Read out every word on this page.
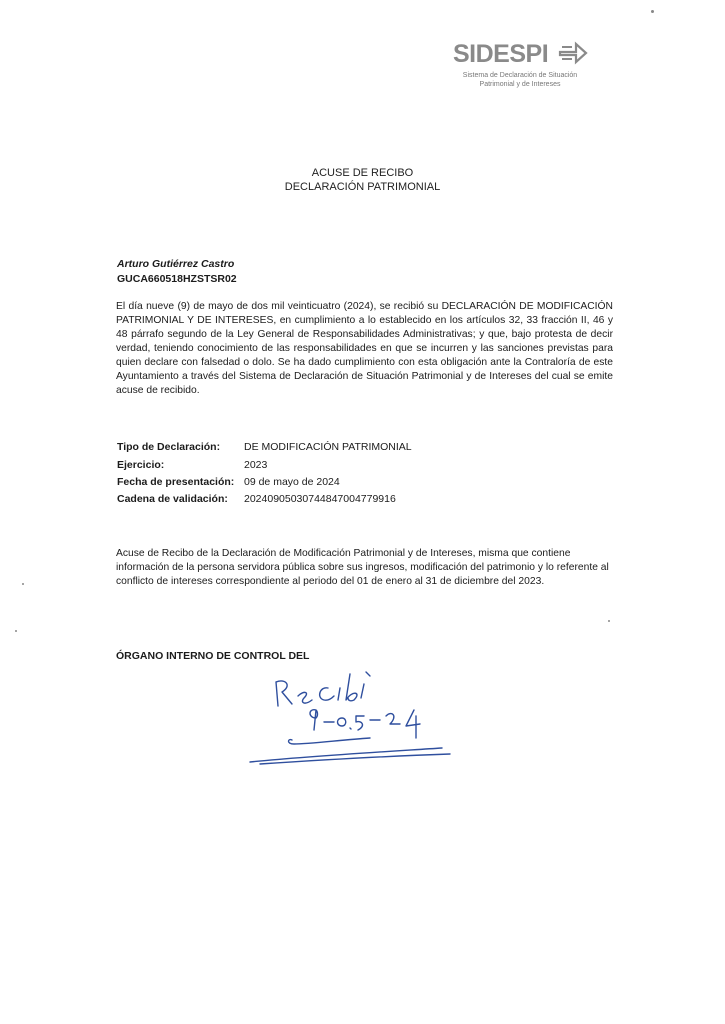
SIDESPI
Sistema de Declaración de Situación
Patrimonial y de Intereses
ACUSE DE RECIBO
DECLARACIÓN PATRIMONIAL
Arturo Gutiérrez Castro
GUCA660518HZSTSR02
El día nueve (9) de mayo de dos mil veinticuatro (2024), se recibió su DECLARACIÓN DE MODIFICACIÓN PATRIMONIAL Y DE INTERESES, en cumplimiento a lo establecido en los artículos 32, 33 fracción II, 46 y 48 párrafo segundo de la Ley General de Responsabilidades Administrativas; y que, bajo protesta de decir verdad, teniendo conocimiento de las responsabilidades en que se incurren y las sanciones previstas para quien declare con falsedad o dolo. Se ha dado cumplimiento con esta obligación ante la Contraloría de este Ayuntamiento a través del Sistema de Declaración de Situación Patrimonial y de Intereses del cual se emite acuse de recibido.
Tipo de Declaración:	DE MODIFICACIÓN PATRIMONIAL
Ejercicio:	2023
Fecha de presentación: 09 de mayo de 2024
Cadena de validación:	20240905030744847004779916
Acuse de Recibo de la Declaración de Modificación Patrimonial y de Intereses, misma que contiene información de la persona servidora pública sobre sus ingresos, modificación del patrimonio y lo referente al conflicto de intereses correspondiente al periodo del 01 de enero al 31 de diciembre del 2023.
ÓRGANO INTERNO DE CONTROL DEL
